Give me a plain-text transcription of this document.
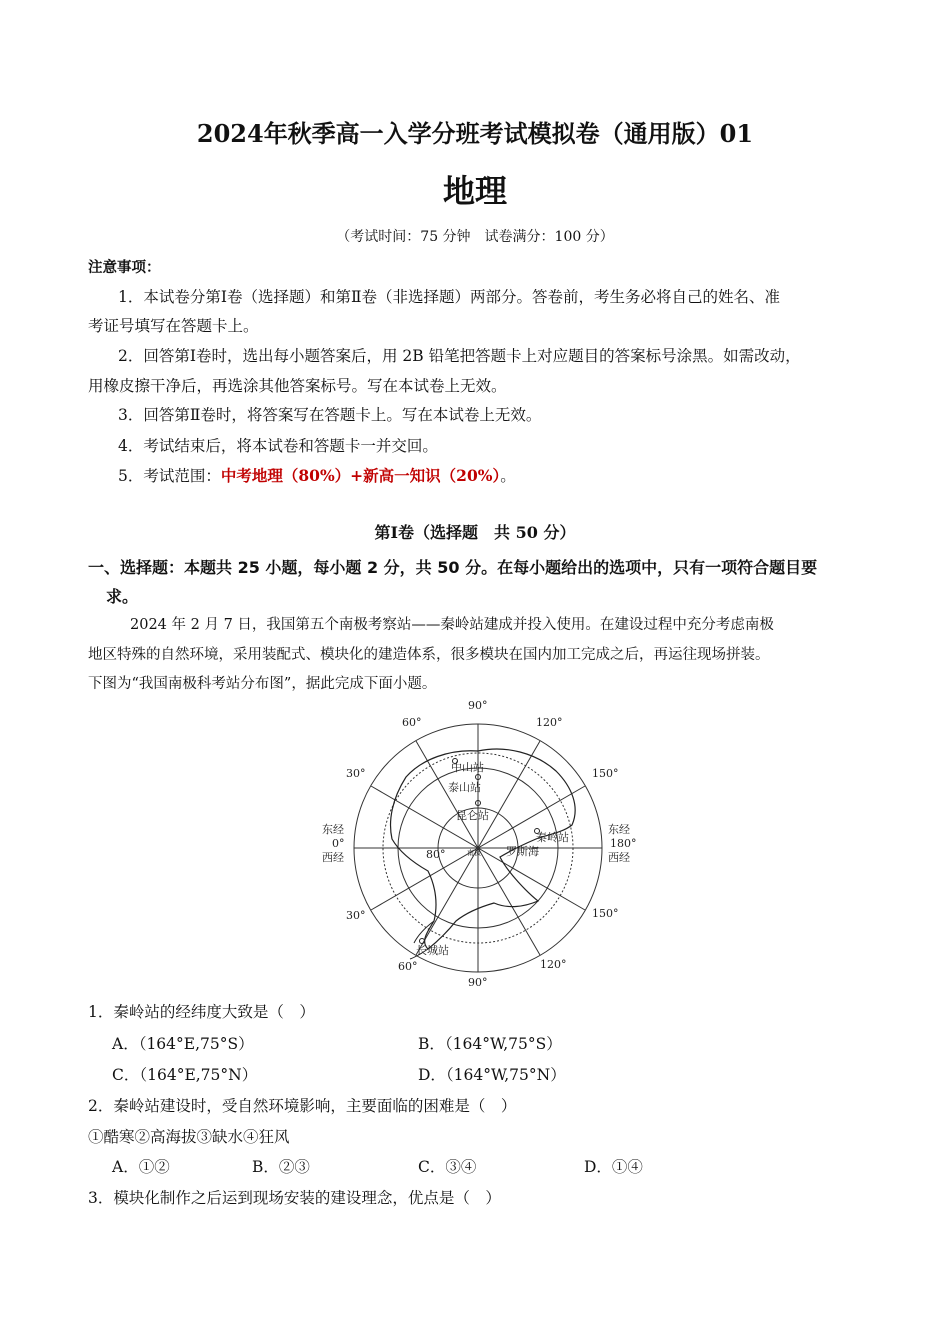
2024年秋季高一入学分班考试模拟卷（通用版）01
地理
（考试时间：75 分钟　试卷满分：100 分）
注意事项：
1．本试卷分第Ⅰ卷（选择题）和第Ⅱ卷（非选择题）两部分。答卷前，考生务必将自己的姓名、准
考证号填写在答题卡上。
2．回答第Ⅰ卷时，选出每小题答案后，用 2B 铅笔把答题卡上对应题目的答案标号涂黑。如需改动，
用橡皮擦干净后，再选涂其他答案标号。写在本试卷上无效。
3．回答第Ⅱ卷时，将答案写在答题卡上。写在本试卷上无效。
4．考试结束后，将本试卷和答题卡一并交回。
5．考试范围：中考地理（80%）+新高一知识（20%）。
第Ⅰ卷（选择题　共 50 分）
一、选择题：本题共 25 小题，每小题 2 分，共 50 分。在每小题给出的选项中，只有一项符合题目要
求。
2024 年 2 月 7 日，我国第五个南极考察站——秦岭站建成并投入使用。在建设过程中充分考虑南极
地区特殊的自然环境，采用装配式、模块化的建造体系，很多模块在国内加工完成之后，再运往现场拼装。
下图为“我国南极科考站分布图”，据此完成下面小题。
90°
90°
60°	120°
60°	120°
30°
30°
150°
150°
东经
0°
西经
东经
180°
西经
80°	南极
中山站
泰山站
昆仑站
秦岭站
长城站
罗斯海
1．秦岭站的经纬度大致是（　）
A．（164°E,75°S）	B．（164°W,75°S）
C．（164°E,75°N）	D．（164°W,75°N）
2．秦岭站建设时，受自然环境影响，主要面临的困难是（　）
①酷寒②高海拔③缺水④狂风
A．①②	B．②③	C．③④	D．①④
3．模块化制作之后运到现场安装的建设理念，优点是（　）
